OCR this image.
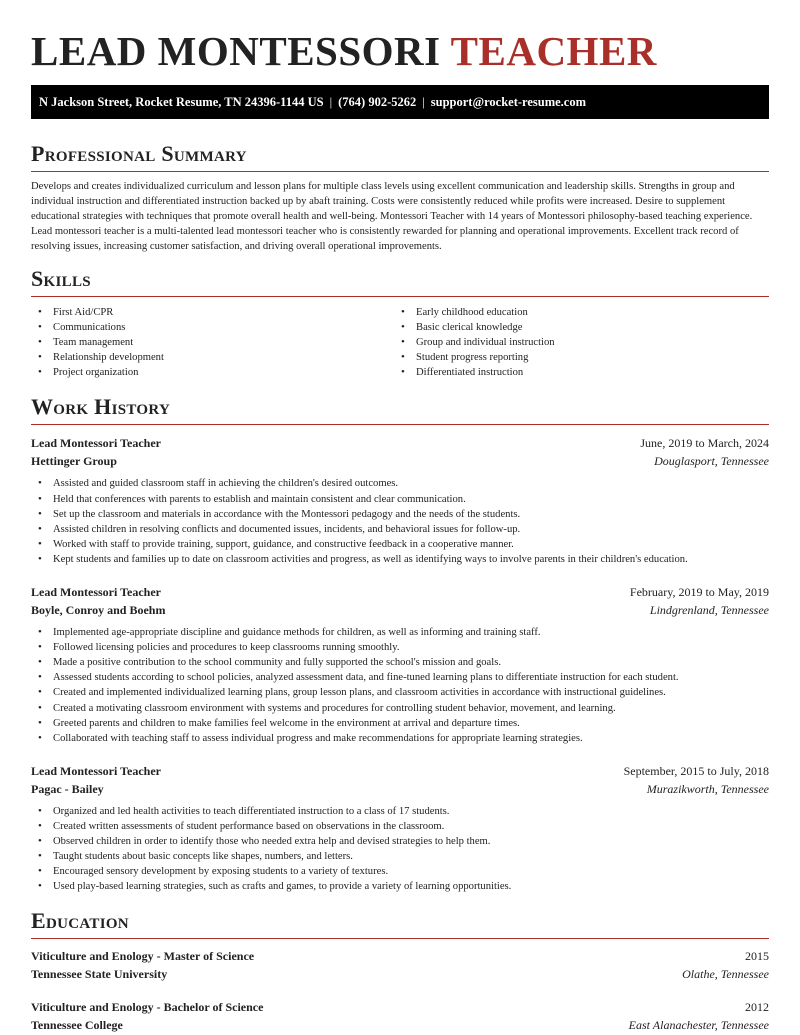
LEAD MONTESSORI TEACHER
N Jackson Street, Rocket Resume, TN 24396-1144 US | (764) 902-5262 | support@rocket-resume.com
Professional Summary

Develops and creates individualized curriculum and lesson plans for multiple class levels using excellent communication and leadership skills. Strengths in group and individual instruction and differentiated instruction backed up by abaft training. Costs were consistently reduced while profits were increased. Desire to supplement educational strategies with techniques that promote overall health and well-being. Montessori Teacher with 14 years of Montessori philosophy-based teaching experience. Lead montessori teacher is a multi-talented lead montessori teacher who is consistently rewarded for planning and operational improvements. Excellent track record of resolving issues, increasing customer satisfaction, and driving overall operational improvements.

Skills
• First Aid/CPR
• Communications
• Team management
• Relationship development
• Project organization
• Early childhood education
• Basic clerical knowledge
• Group and individual instruction
• Student progress reporting
• Differentiated instruction
Work History
Lead Montessori Teacher	June, 2019 to March, 2024
Hettinger Group	Douglasport, Tennessee
• Assisted and guided classroom staff in achieving the children's desired outcomes.
• Held that conferences with parents to establish and maintain consistent and clear communication.
• Set up the classroom and materials in accordance with the Montessori pedagogy and the needs of the students.
• Assisted children in resolving conflicts and documented issues, incidents, and behavioral issues for follow-up.
• Worked with staff to provide training, support, guidance, and constructive feedback in a cooperative manner.
• Kept students and families up to date on classroom activities and progress, as well as identifying ways to involve parents in their children's education.
Lead Montessori Teacher	February, 2019 to May, 2019
Boyle, Conroy and Boehm	Lindgrenland, Tennessee
• Implemented age-appropriate discipline and guidance methods for children, as well as informing and training staff.
• Followed licensing policies and procedures to keep classrooms running smoothly.
• Made a positive contribution to the school community and fully supported the school's mission and goals.
• Assessed students according to school policies, analyzed assessment data, and fine-tuned learning plans to differentiate instruction for each student.
• Created and implemented individualized learning plans, group lesson plans, and classroom activities in accordance with instructional guidelines.
• Created a motivating classroom environment with systems and procedures for controlling student behavior, movement, and learning.
• Greeted parents and children to make families feel welcome in the environment at arrival and departure times.
• Collaborated with teaching staff to assess individual progress and make recommendations for appropriate learning strategies.
Lead Montessori Teacher	September, 2015 to July, 2018
Pagac - Bailey	Murazikworth, Tennessee
• Organized and led health activities to teach differentiated instruction to a class of 17 students.
• Created written assessments of student performance based on observations in the classroom.
• Observed children in order to identify those who needed extra help and devised strategies to help them.
• Taught students about basic concepts like shapes, numbers, and letters.
• Encouraged sensory development by exposing students to a variety of textures.
• Used play-based learning strategies, such as crafts and games, to provide a variety of learning opportunities.
Education
Viticulture and Enology - Master of Science	2015
Tennessee State University	Olathe, Tennessee
Viticulture and Enology - Bachelor of Science	2012
Tennessee College	East Alanachester, Tennessee
